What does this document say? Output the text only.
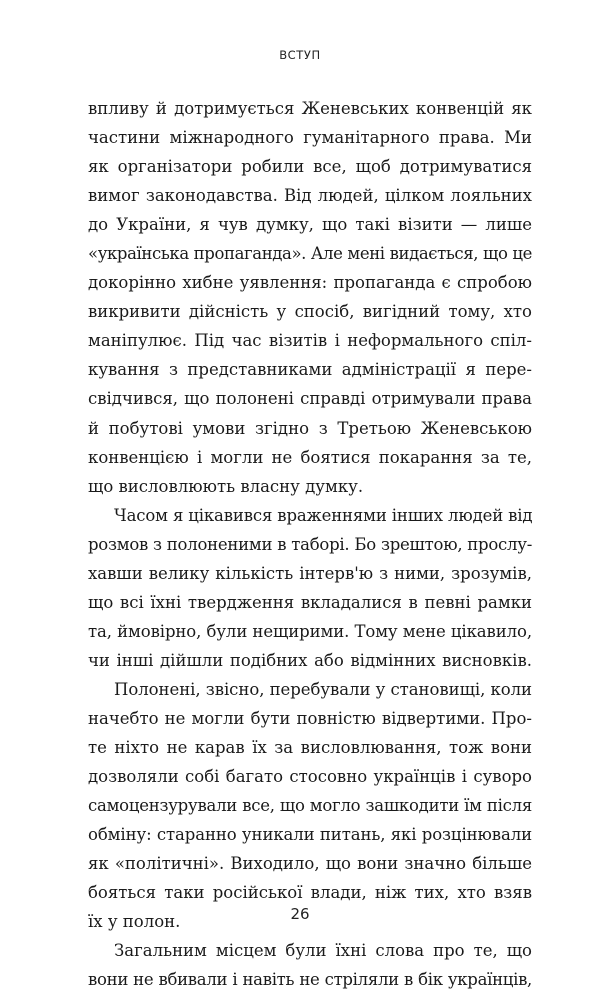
ВСТУП
впливу й дотримується Женевських конвенцій як
частини міжнародного гуманітарного права. Ми
як організатори робили все, щоб дотримуватися
вимог законодавства. Від людей, цілком лояльних
до України, я чув думку, що такі візити — лише
«українська пропаганда». Але мені видається, що це
докорінно хибне уявлення: пропаганда є спробою
викривити дійсність у спосіб, вигідний тому, хто
маніпулює. Під час візитів і неформального спіл-
кування з представниками адміністрації я пере-
свідчився, що полонені справді отримували права
й побутові умови згідно з Третьою Женевською
конвенцією і могли не боятися покарання за те,
що висловлюють власну думку.
Часом я цікавився враженнями інших людей від
розмов з полоненими в таборі. Бо зрештою, прослу-
хавши велику кількість інтерв'ю з ними, зрозумів,
що всі їхні твердження вкладалися в певні рамки
та, ймовірно, були нещирими. Тому мене цікавило,
чи інші дійшли подібних або відмінних висновків.
Полонені, звісно, перебували у становищі, коли
начебто не могли бути повністю відвертими. Про-
те ніхто не карав їх за висловлювання, тож вони
дозволяли собі багато стосовно українців і суворо
самоцензурували все, що могло зашкодити їм після
обміну: старанно уникали питань, які розцінювали
як «політичні». Виходило, що вони значно більше
бояться таки російської влади, ніж тих, хто взяв
їх у полон.
Загальним місцем були їхні слова про те, що
вони не вбивали і навіть не стріляли в бік українців,
26
